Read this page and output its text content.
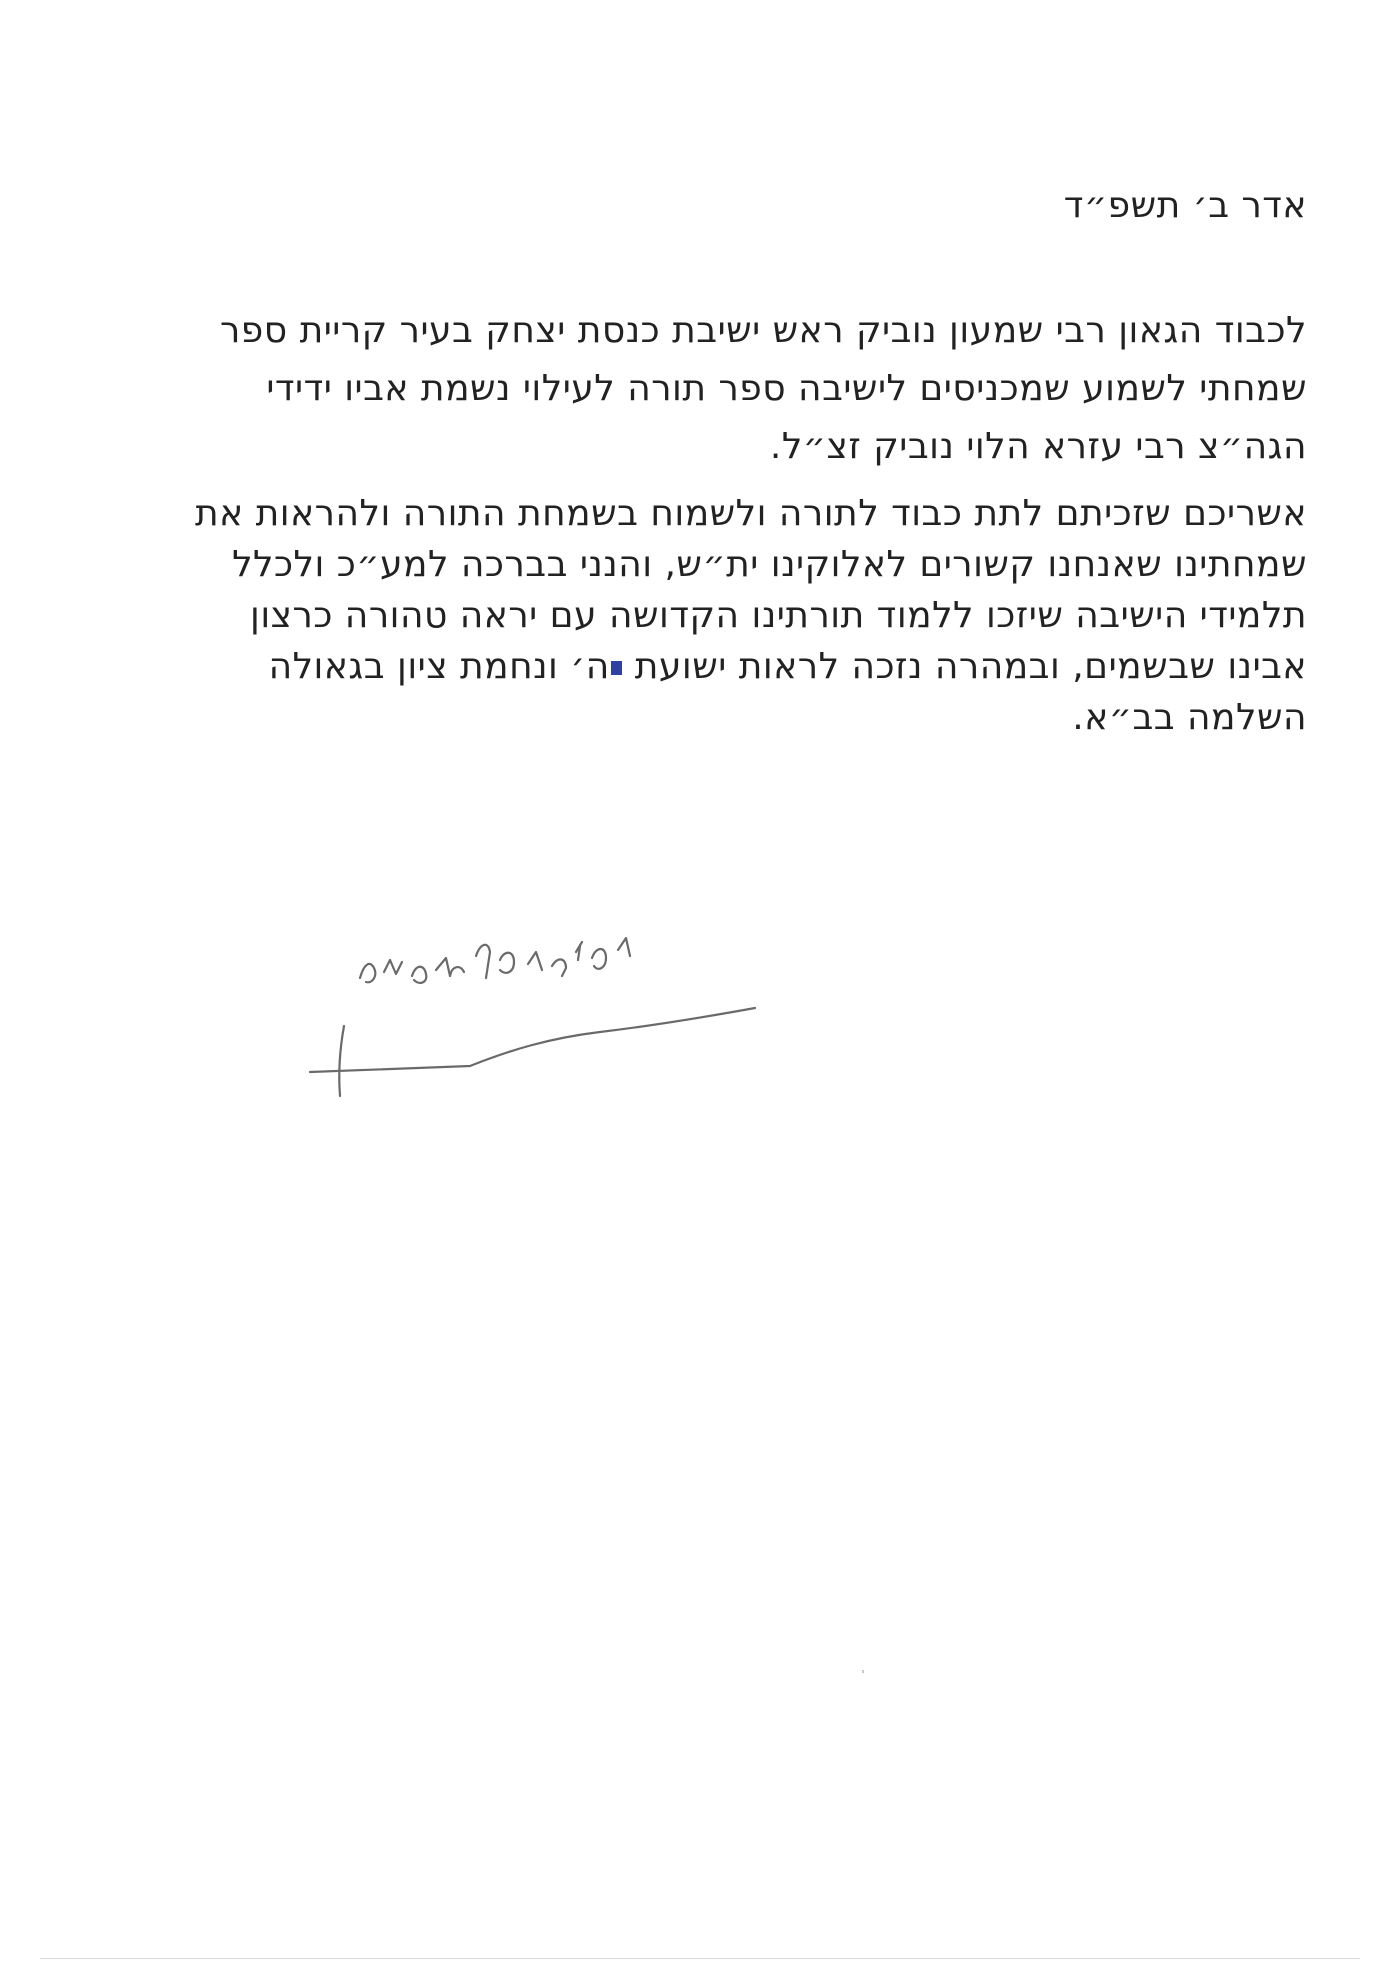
אדר ב׳ תשפ״ד
לכבוד הגאון רבי שמעון נוביק ראש ישיבת כנסת יצחק בעיר קריית ספר
שמחתי לשמוע שמכניסים לישיבה ספר תורה לעילוי נשמת אביו ידידי
הגה״צ רבי עזרא הלוי נוביק זצ״ל.
אשריכם שזכיתם לתת כבוד לתורה ולשמוח בשמחת התורה ולהראות את
שמחתינו שאנחנו קשורים לאלוקינו ית״ש, והנני בברכה למע״כ ולכלל
תלמידי הישיבה שיזכו ללמוד תורתינו הקדושה עם יראה טהורה כרצון
אבינו שבשמים, ובמהרה נזכה לראות ישועת ה׳ ונחמת ציון בגאולה
השלמה בב״א.
